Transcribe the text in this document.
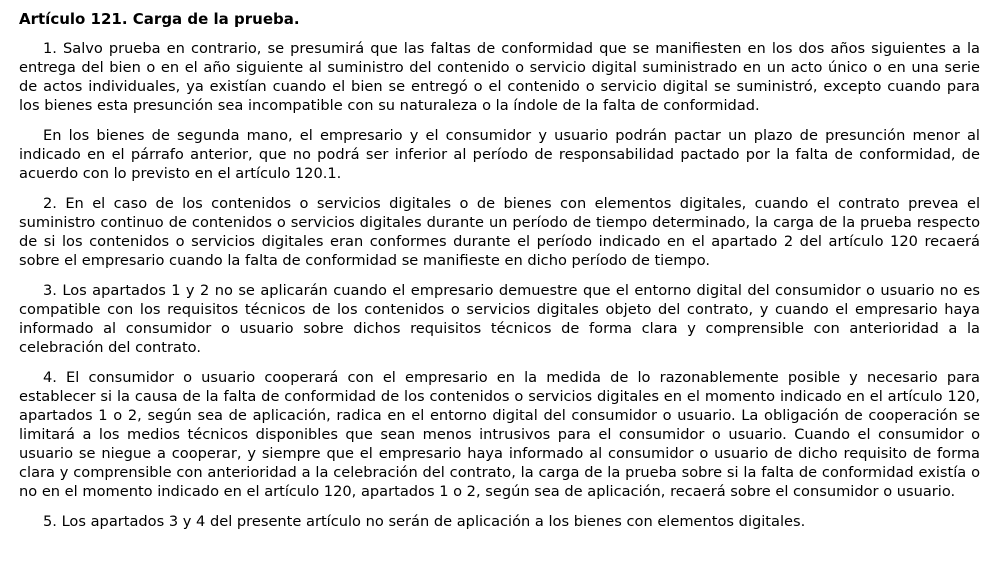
Artículo 121. Carga de la prueba.

1. Salvo prueba en contrario, se presumirá que las faltas de conformidad que se manifiesten en los dos años siguientes a la entrega del bien o en el año siguiente al suministro del contenido o servicio digital suministrado en un acto único o en una serie de actos individuales, ya existían cuando el bien se entregó o el contenido o servicio digital se suministró, excepto cuando para los bienes esta presunción sea incompatible con su naturaleza o la índole de la falta de conformidad.

En los bienes de segunda mano, el empresario y el consumidor y usuario podrán pactar un plazo de presunción menor al indicado en el párrafo anterior, que no podrá ser inferior al período de responsabilidad pactado por la falta de conformidad, de acuerdo con lo previsto en el artículo 120.1.

2. En el caso de los contenidos o servicios digitales o de bienes con elementos digitales, cuando el contrato prevea el suministro continuo de contenidos o servicios digitales durante un período de tiempo determinado, la carga de la prueba respecto de si los contenidos o servicios digitales eran conformes durante el período indicado en el apartado 2 del artículo 120 recaerá sobre el empresario cuando la falta de conformidad se manifieste en dicho período de tiempo.

3. Los apartados 1 y 2 no se aplicarán cuando el empresario demuestre que el entorno digital del consumidor o usuario no es compatible con los requisitos técnicos de los contenidos o servicios digitales objeto del contrato, y cuando el empresario haya informado al consumidor o usuario sobre dichos requisitos técnicos de forma clara y comprensible con anterioridad a la celebración del contrato.

4. El consumidor o usuario cooperará con el empresario en la medida de lo razonablemente posible y necesario para establecer si la causa de la falta de conformidad de los contenidos o servicios digitales en el momento indicado en el artículo 120, apartados 1 o 2, según sea de aplicación, radica en el entorno digital del consumidor o usuario. La obligación de cooperación se limitará a los medios técnicos disponibles que sean menos intrusivos para el consumidor o usuario. Cuando el consumidor o usuario se niegue a cooperar, y siempre que el empresario haya informado al consumidor o usuario de dicho requisito de forma clara y comprensible con anterioridad a la celebración del contrato, la carga de la prueba sobre si la falta de conformidad existía o no en el momento indicado en el artículo 120, apartados 1 o 2, según sea de aplicación, recaerá sobre el consumidor o usuario.

5. Los apartados 3 y 4 del presente artículo no serán de aplicación a los bienes con elementos digitales.
